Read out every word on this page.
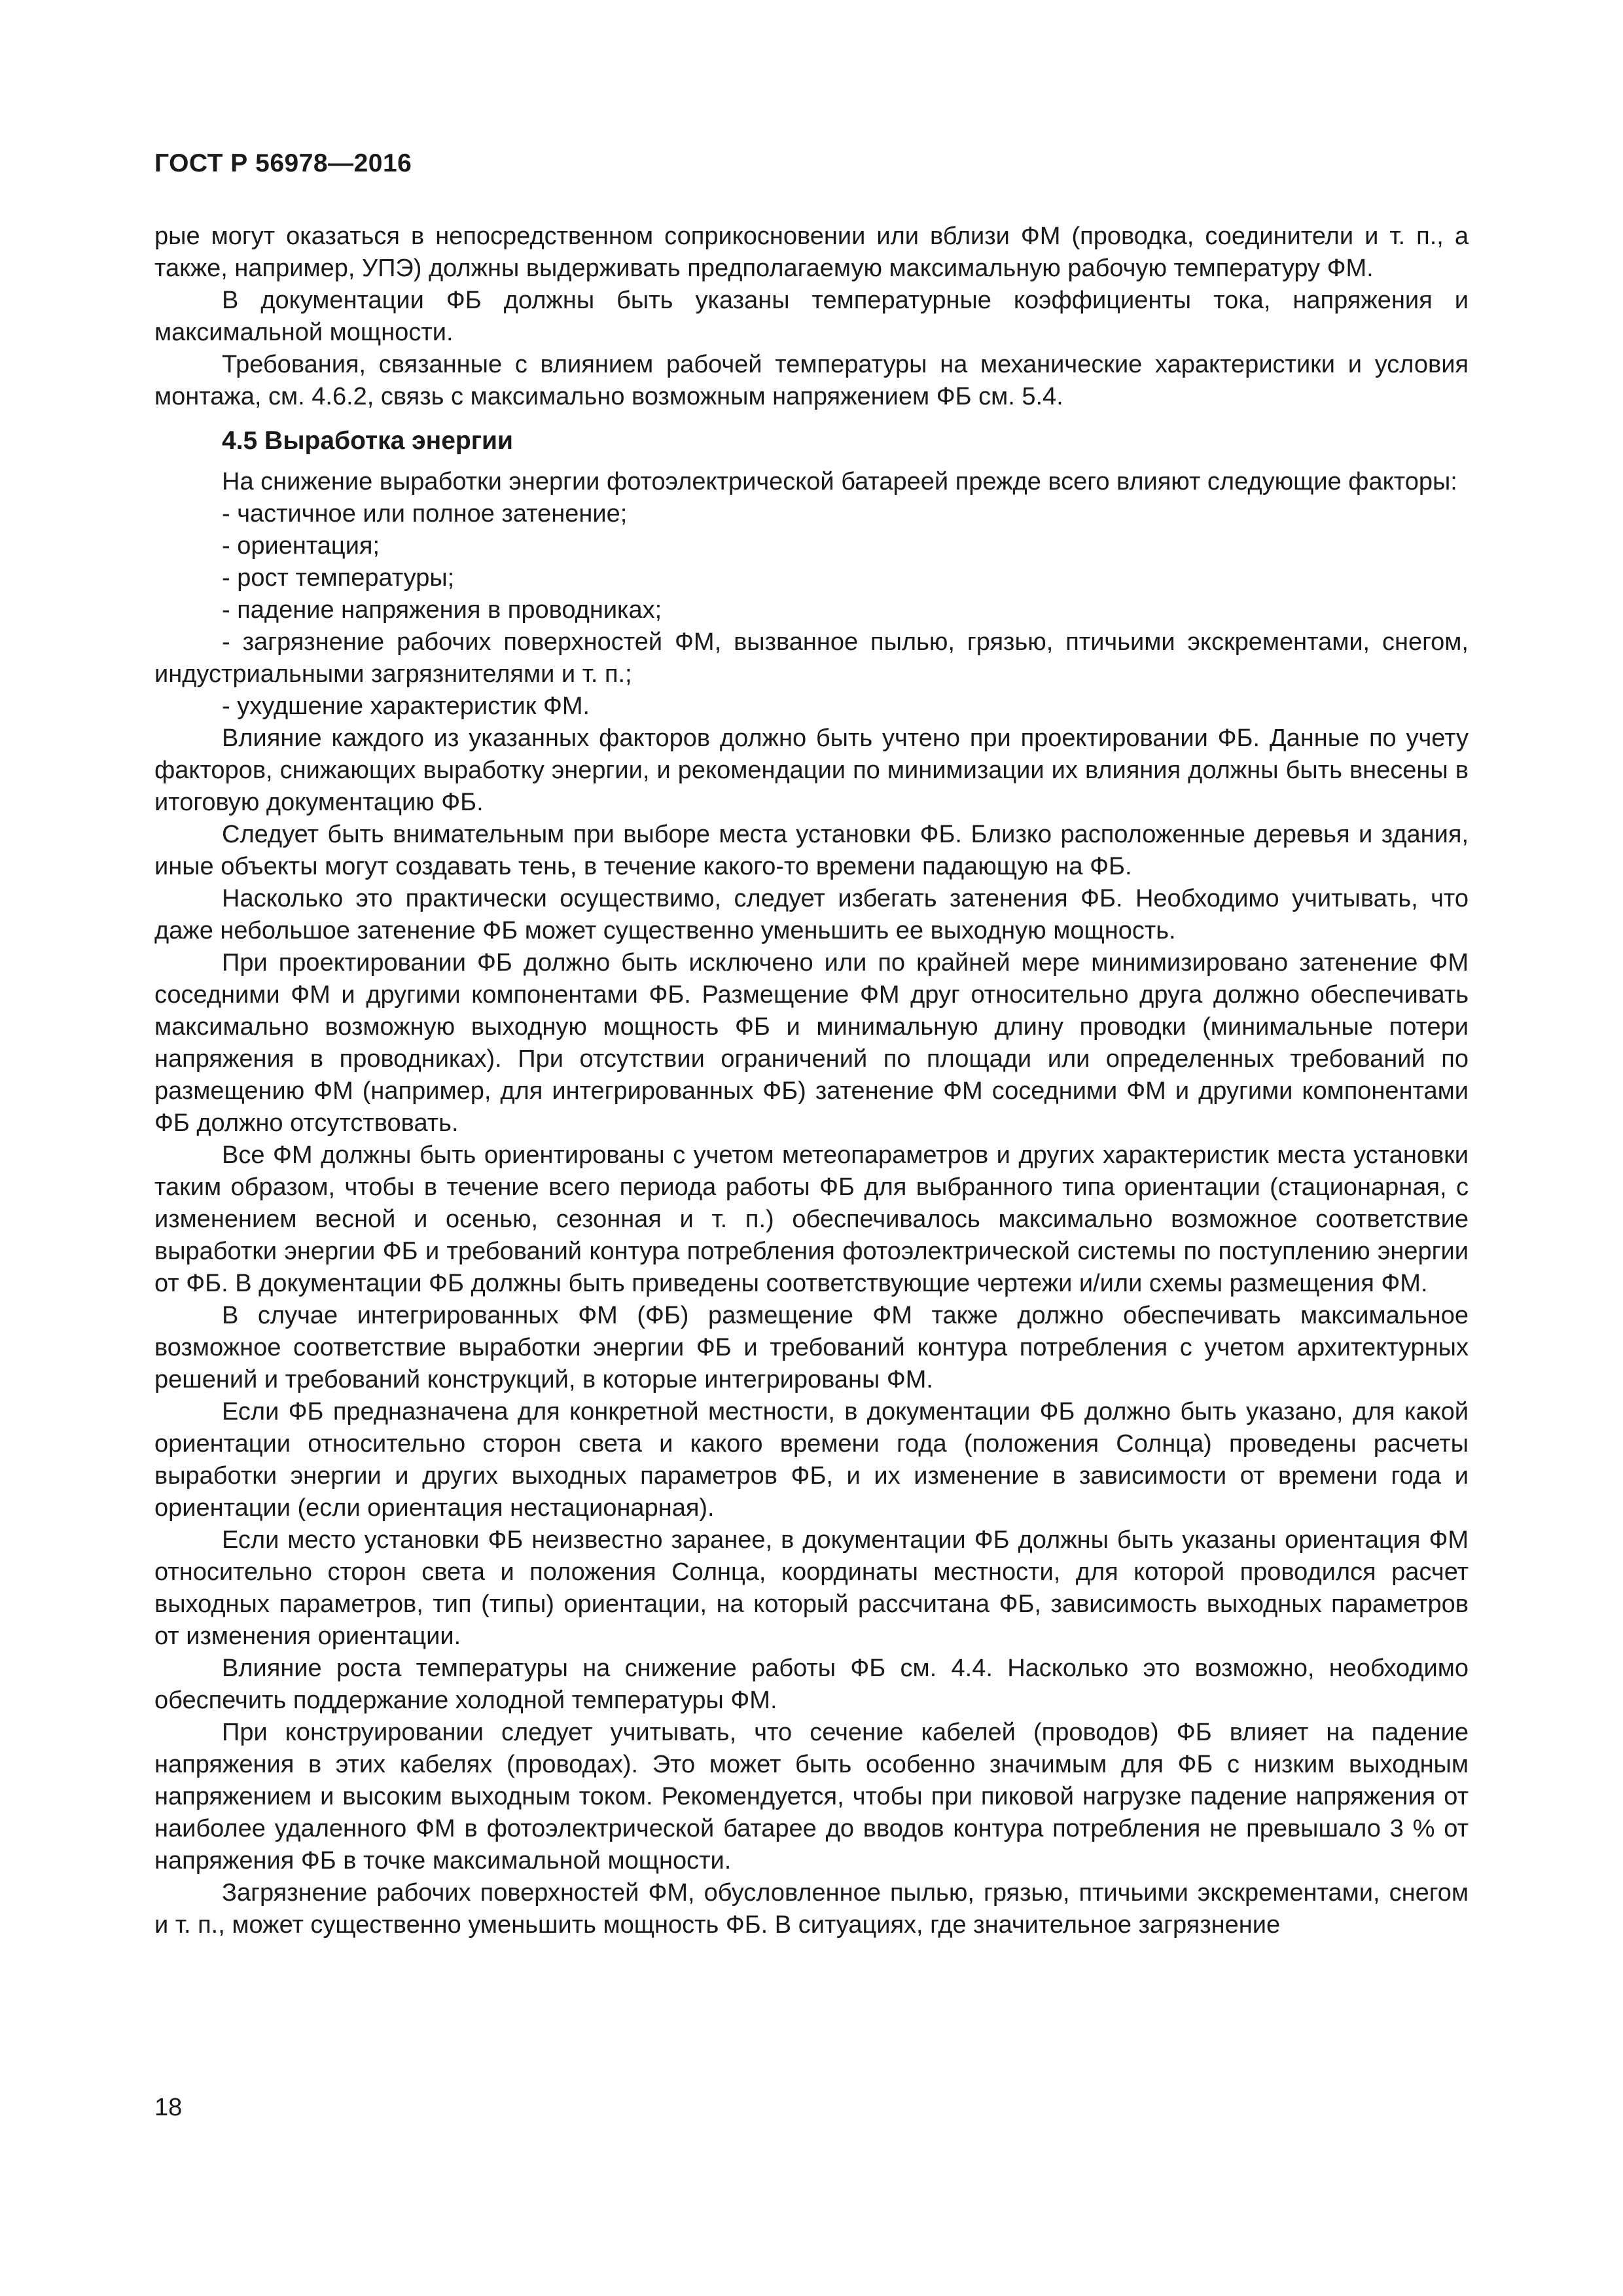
ГОСТ Р 56978—2016

рые могут оказаться в непосредственном соприкосновении или вблизи ФМ (проводка, соединители и т. п., а также, например, УПЭ) должны выдерживать предполагаемую максимальную рабочую температуру ФМ.

В документации ФБ должны быть указаны температурные коэффициенты тока, напряжения и максимальной мощности.

Требования, связанные с влиянием рабочей температуры на механические характеристики и условия монтажа, см. 4.6.2, связь с максимально возможным напряжением ФБ см. 5.4.

4.5 Выработка энергии

На снижение выработки энергии фотоэлектрической батареей прежде всего влияют следующие факторы:

- частичное или полное затенение;

- ориентация;

- рост температуры;

- падение напряжения в проводниках;

- загрязнение рабочих поверхностей ФМ, вызванное пылью, грязью, птичьими экскрементами, снегом, индустриальными загрязнителями и т. п.;

- ухудшение характеристик ФМ.

Влияние каждого из указанных факторов должно быть учтено при проектировании ФБ. Данные по учету факторов, снижающих выработку энергии, и рекомендации по минимизации их влияния должны быть внесены в итоговую документацию ФБ.

Следует быть внимательным при выборе места установки ФБ. Близко расположенные деревья и здания, иные объекты могут создавать тень, в течение какого-то времени падающую на ФБ.

Насколько это практически осуществимо, следует избегать затенения ФБ. Необходимо учитывать, что даже небольшое затенение ФБ может существенно уменьшить ее выходную мощность.

При проектировании ФБ должно быть исключено или по крайней мере минимизировано затенение ФМ соседними ФМ и другими компонентами ФБ. Размещение ФМ друг относительно друга должно обеспечивать максимально возможную выходную мощность ФБ и минимальную длину проводки (минимальные потери напряжения в проводниках). При отсутствии ограничений по площади или определенных требований по размещению ФМ (например, для интегрированных ФБ) затенение ФМ соседними ФМ и другими компонентами ФБ должно отсутствовать.

Все ФМ должны быть ориентированы с учетом метеопараметров и других характеристик места установки таким образом, чтобы в течение всего периода работы ФБ для выбранного типа ориентации (стационарная, с изменением весной и осенью, сезонная и т. п.) обеспечивалось максимально возможное соответствие выработки энергии ФБ и требований контура потребления фотоэлектрической системы по поступлению энергии от ФБ. В документации ФБ должны быть приведены соответствующие чертежи и/или схемы размещения ФМ.

В случае интегрированных ФМ (ФБ) размещение ФМ также должно обеспечивать максимальное возможное соответствие выработки энергии ФБ и требований контура потребления с учетом архитектурных решений и требований конструкций, в которые интегрированы ФМ.

Если ФБ предназначена для конкретной местности, в документации ФБ должно быть указано, для какой ориентации относительно сторон света и какого времени года (положения Солнца) проведены расчеты выработки энергии и других выходных параметров ФБ, и их изменение в зависимости от времени года и ориентации (если ориентация нестационарная).

Если место установки ФБ неизвестно заранее, в документации ФБ должны быть указаны ориентация ФМ относительно сторон света и положения Солнца, координаты местности, для которой проводился расчет выходных параметров, тип (типы) ориентации, на который рассчитана ФБ, зависимость выходных параметров от изменения ориентации.

Влияние роста температуры на снижение работы ФБ см. 4.4. Насколько это возможно, необходимо обеспечить поддержание холодной температуры ФМ.

При конструировании следует учитывать, что сечение кабелей (проводов) ФБ влияет на падение напряжения в этих кабелях (проводах). Это может быть особенно значимым для ФБ с низким выходным напряжением и высоким выходным током. Рекомендуется, чтобы при пиковой нагрузке падение напряжения от наиболее удаленного ФМ в фотоэлектрической батарее до вводов контура потребления не превышало 3 % от напряжения ФБ в точке максимальной мощности.

Загрязнение рабочих поверхностей ФМ, обусловленное пылью, грязью, птичьими экскрементами, снегом и т. п., может существенно уменьшить мощность ФБ. В ситуациях, где значительное загрязнение

18
